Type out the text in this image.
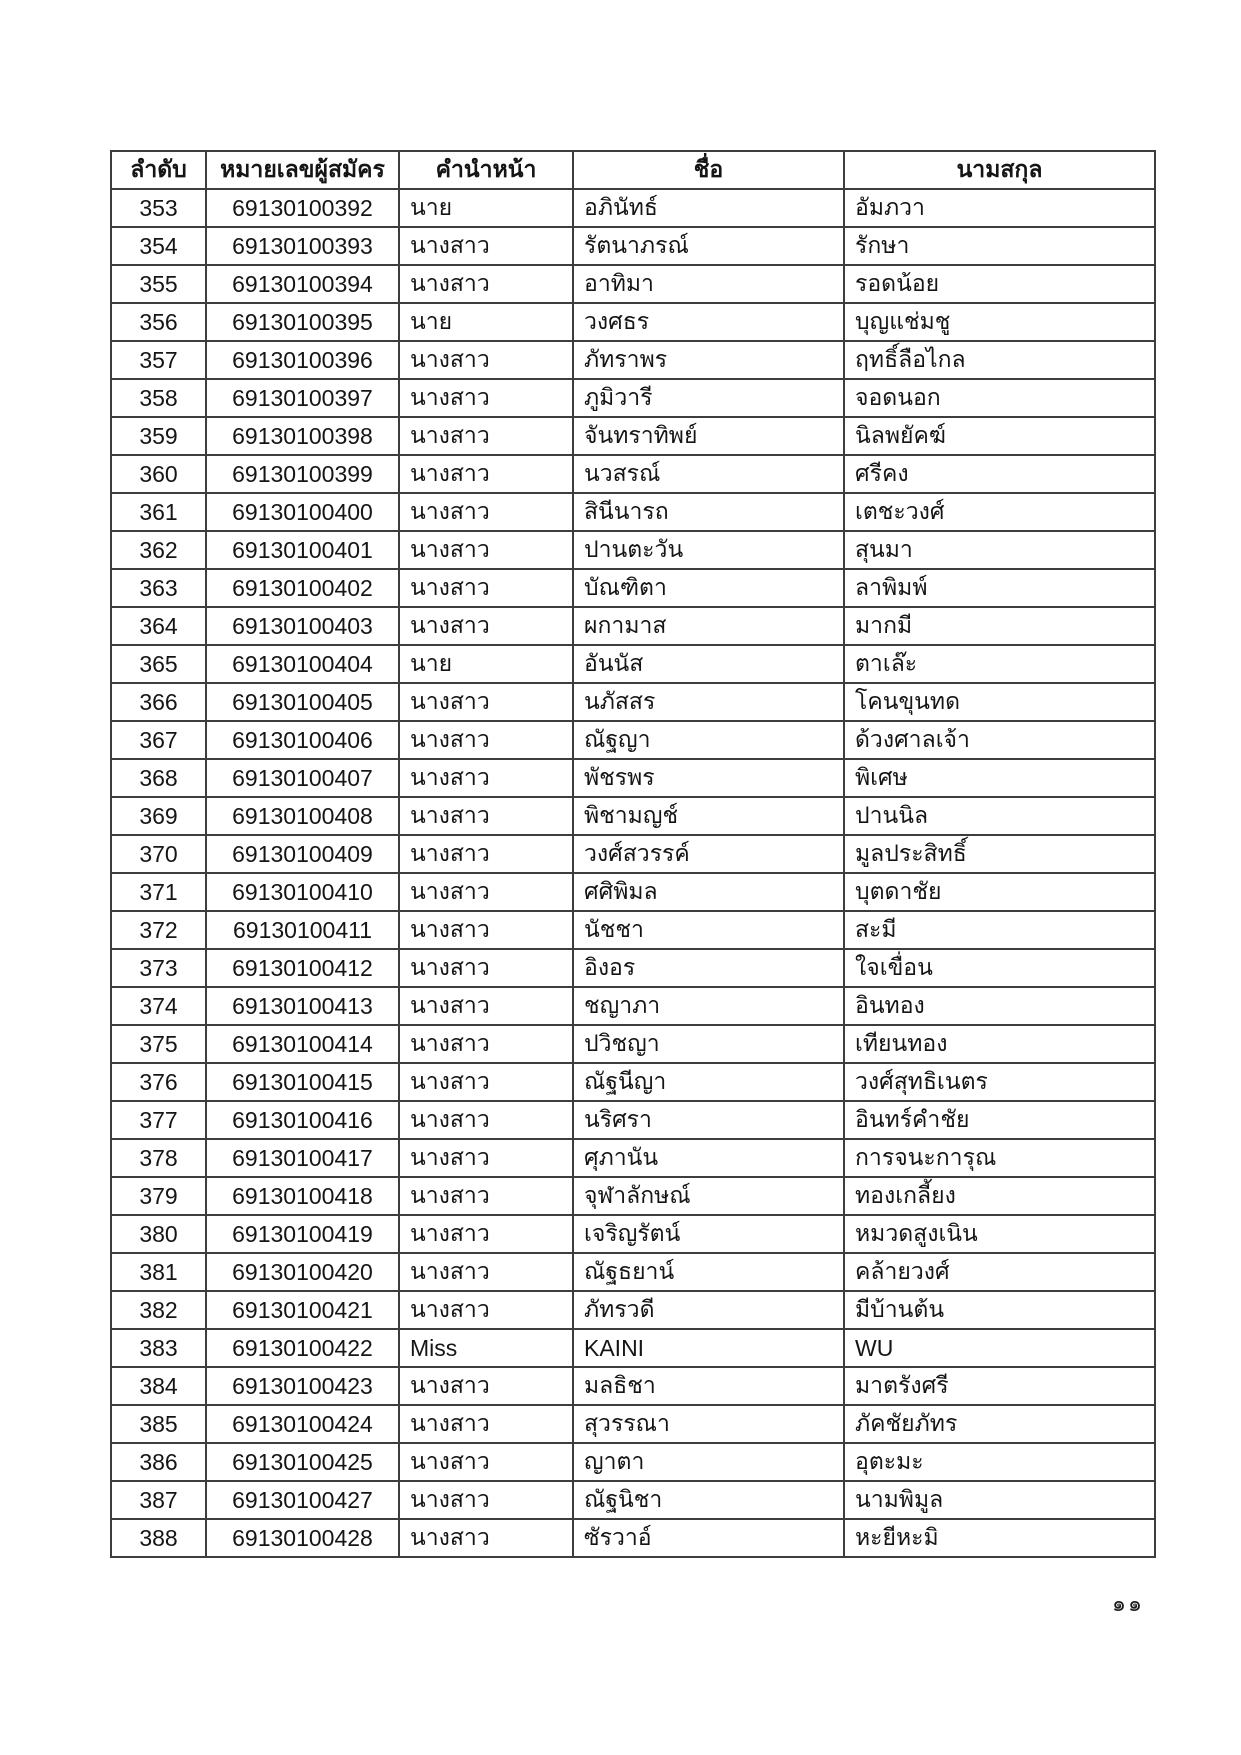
ลำดับ	หมายเลขผู้สมัคร	คำนำหน้า	ชื่อ	นามสกุล
353	69130100392	นาย	อภินัทธ์	อัมภวา
354	69130100393	นางสาว	รัตนาภรณ์	รักษา
355	69130100394	นางสาว	อาทิมา	รอดน้อย
356	69130100395	นาย	วงศธร	บุญแช่มชู
357	69130100396	นางสาว	ภัทราพร	ฤทธิ์ลือไกล
358	69130100397	นางสาว	ภูมิวารี	จอดนอก
359	69130100398	นางสาว	จันทราทิพย์	นิลพยัคฆ์
360	69130100399	นางสาว	นวสรณ์	ศรีคง
361	69130100400	นางสาว	สินีนารถ	เตชะวงศ์
362	69130100401	นางสาว	ปานตะวัน	สุนมา
363	69130100402	นางสาว	บัณฑิตา	ลาพิมพ์
364	69130100403	นางสาว	ผกามาส	มากมี
365	69130100404	นาย	อันนัส	ตาเล๊ะ
366	69130100405	นางสาว	นภัสสร	โคนขุนทด
367	69130100406	นางสาว	ณัฐญา	ด้วงศาลเจ้า
368	69130100407	นางสาว	พัชรพร	พิเศษ
369	69130100408	นางสาว	พิชามญช์	ปานนิล
370	69130100409	นางสาว	วงศ์สวรรค์	มูลประสิทธิ์
371	69130100410	นางสาว	ศศิพิมล	บุตดาชัย
372	69130100411	นางสาว	นัชชา	สะมี
373	69130100412	นางสาว	อิงอร	ใจเขื่อน
374	69130100413	นางสาว	ชญาภา	อินทอง
375	69130100414	นางสาว	ปวิชญา	เทียนทอง
376	69130100415	นางสาว	ณัฐนีญา	วงศ์สุทธิเนตร
377	69130100416	นางสาว	นริศรา	อินทร์คำชัย
378	69130100417	นางสาว	ศุภานัน	การจนะการุณ
379	69130100418	นางสาว	จุฬาลักษณ์	ทองเกลี้ยง
380	69130100419	นางสาว	เจริญรัตน์	หมวดสูงเนิน
381	69130100420	นางสาว	ณัฐธยาน์	คล้ายวงศ์
382	69130100421	นางสาว	ภัทรวดี	มีบ้านต้น
383	69130100422	Miss	KAINI	WU
384	69130100423	นางสาว	มลธิชา	มาตรังศรี
385	69130100424	นางสาว	สุวรรณา	ภัคชัยภัทร
386	69130100425	นางสาว	ญาตา	อุตะมะ
387	69130100427	นางสาว	ณัฐนิชา	นามพิมูล
388	69130100428	นางสาว	ซัรวาอ์	หะยีหะมิ
๑๑
